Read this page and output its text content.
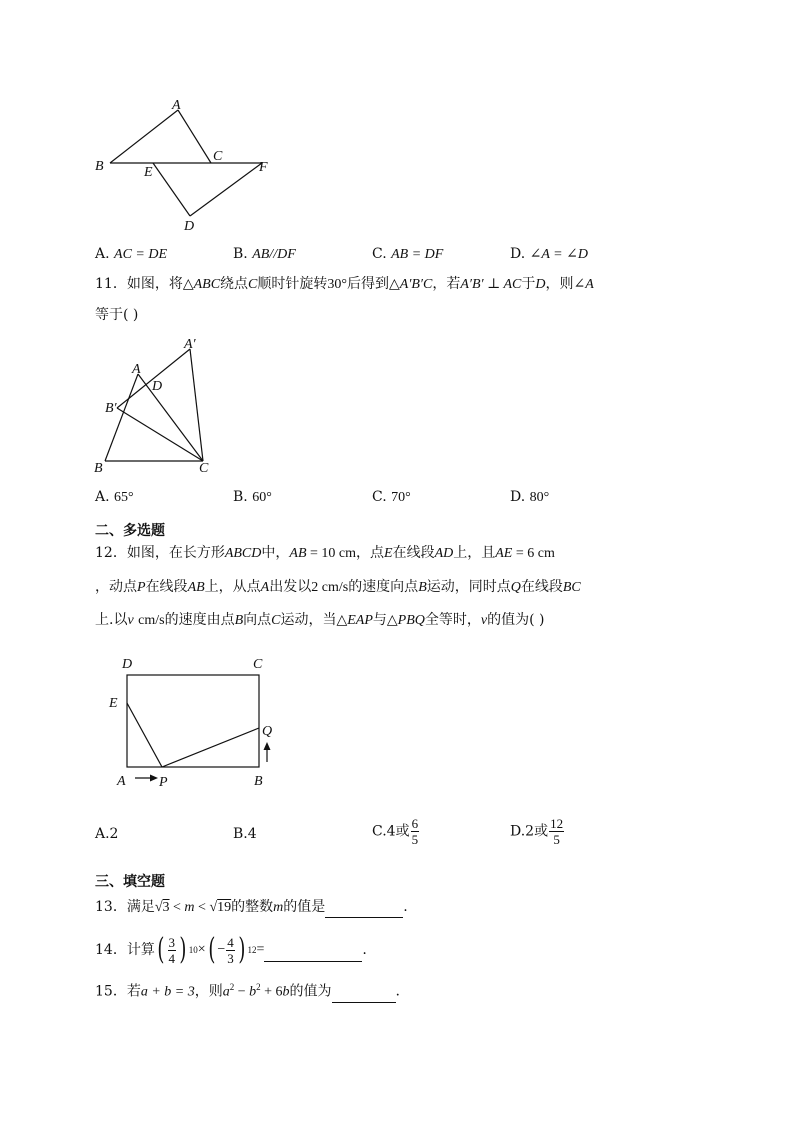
A
B
C
E	F
D
A. AC = DE	B. AB//DF	C. AB = DF	D. ∠A = ∠D
11．如图，将△ABC绕点C顺时针旋转30°后得到△A′B′C，若A′B′ ⊥ AC于D，则∠A
等于( )
A′
A
D
B′
B	C
A. 65°	B. 60°	C. 70°	D. 80°
二、多选题
12．如图，在长方形ABCD中，AB = 10 cm，点E在线段AD上，且AE = 6 cm
，动点P在线段AB上，从点A出发以2 cm/s的速度向点B运动，同时点Q在线段BC
上.以v cm/s的速度由点B向点C运动，当△EAP与△PBQ全等时，v的值为( )
D	C
E
Q
A P	B
A.2	B.4	C.4或 $\frac{6}{5}$	D.2或 $\frac{12}{5}$
三、填空题
13．满足√3 < m < √19的整数m的值是	.
14． 计算 ( $\frac{3}{4}$ ) 10 × ( − $\frac{4}{3}$ ) 12 =	.
15．若a + b = 3，则$a^2 - b^2 + 6b$的值为	.
